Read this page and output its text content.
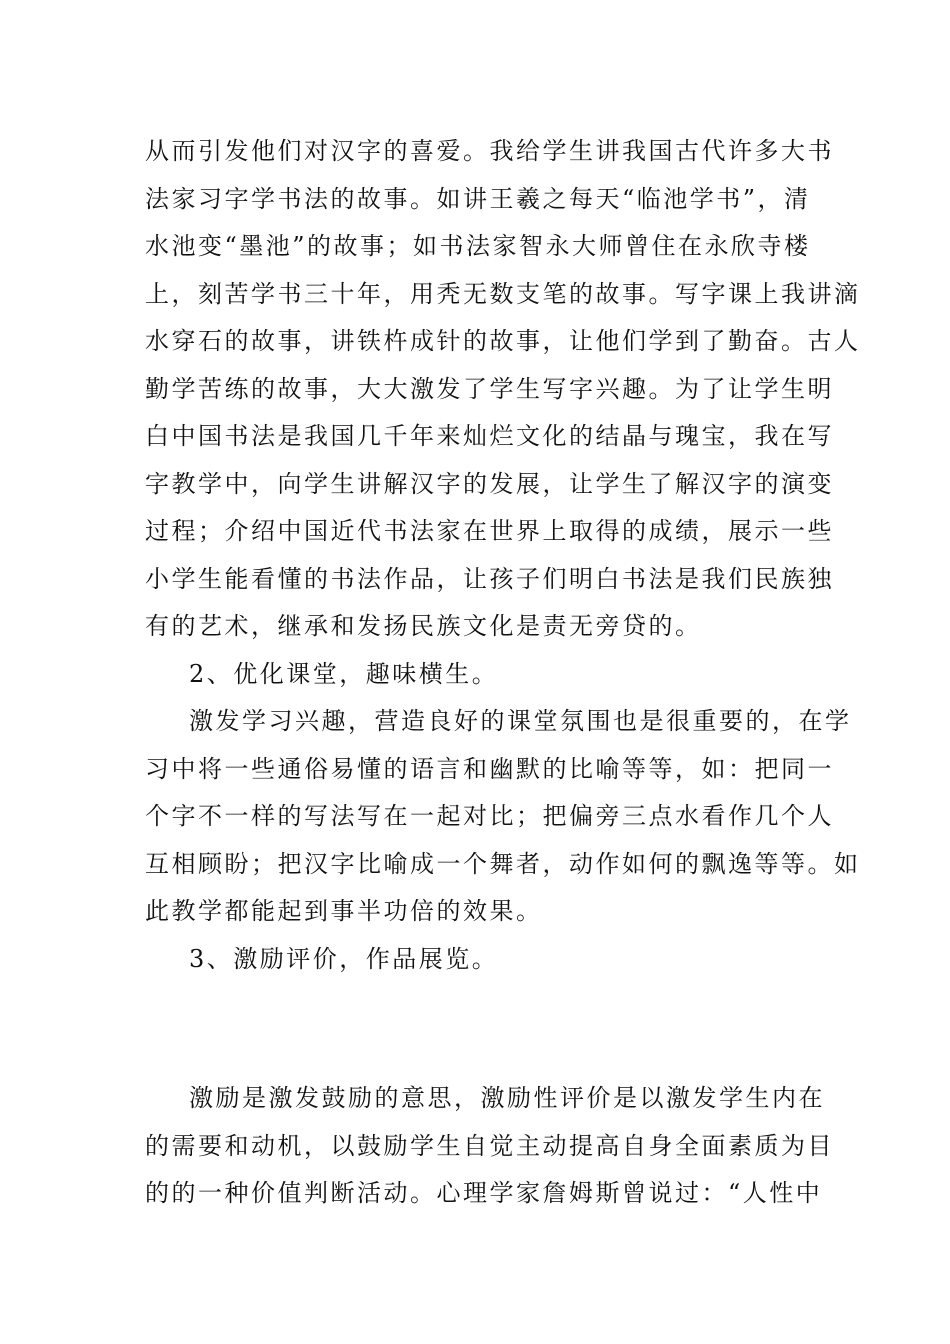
从而引发他们对汉字的喜爱。我给学生讲我国古代许多大书
法家习字学书法的故事。如讲王羲之每天“临池学书”，清
水池变“墨池”的故事；如书法家智永大师曾住在永欣寺楼
上，刻苦学书三十年，用秃无数支笔的故事。写字课上我讲滴
水穿石的故事，讲铁杵成针的故事，让他们学到了勤奋。古人
勤学苦练的故事，大大激发了学生写字兴趣。为了让学生明
白中国书法是我国几千年来灿烂文化的结晶与瑰宝，我在写
字教学中，向学生讲解汉字的发展，让学生了解汉字的演变
过程；介绍中国近代书法家在世界上取得的成绩，展示一些
小学生能看懂的书法作品，让孩子们明白书法是我们民族独
有的艺术，继承和发扬民族文化是责无旁贷的。
2、优化课堂，趣味横生。
激发学习兴趣，营造良好的课堂氛围也是很重要的，在学
习中将一些通俗易懂的语言和幽默的比喻等等，如：把同一
个字不一样的写法写在一起对比；把偏旁三点水看作几个人
互相顾盼；把汉字比喻成一个舞者，动作如何的飘逸等等。如
此教学都能起到事半功倍的效果。
3、激励评价，作品展览。
激励是激发鼓励的意思，激励性评价是以激发学生内在
的需要和动机，以鼓励学生自觉主动提高自身全面素质为目
的的一种价值判断活动。心理学家詹姆斯曾说过：“人性中
